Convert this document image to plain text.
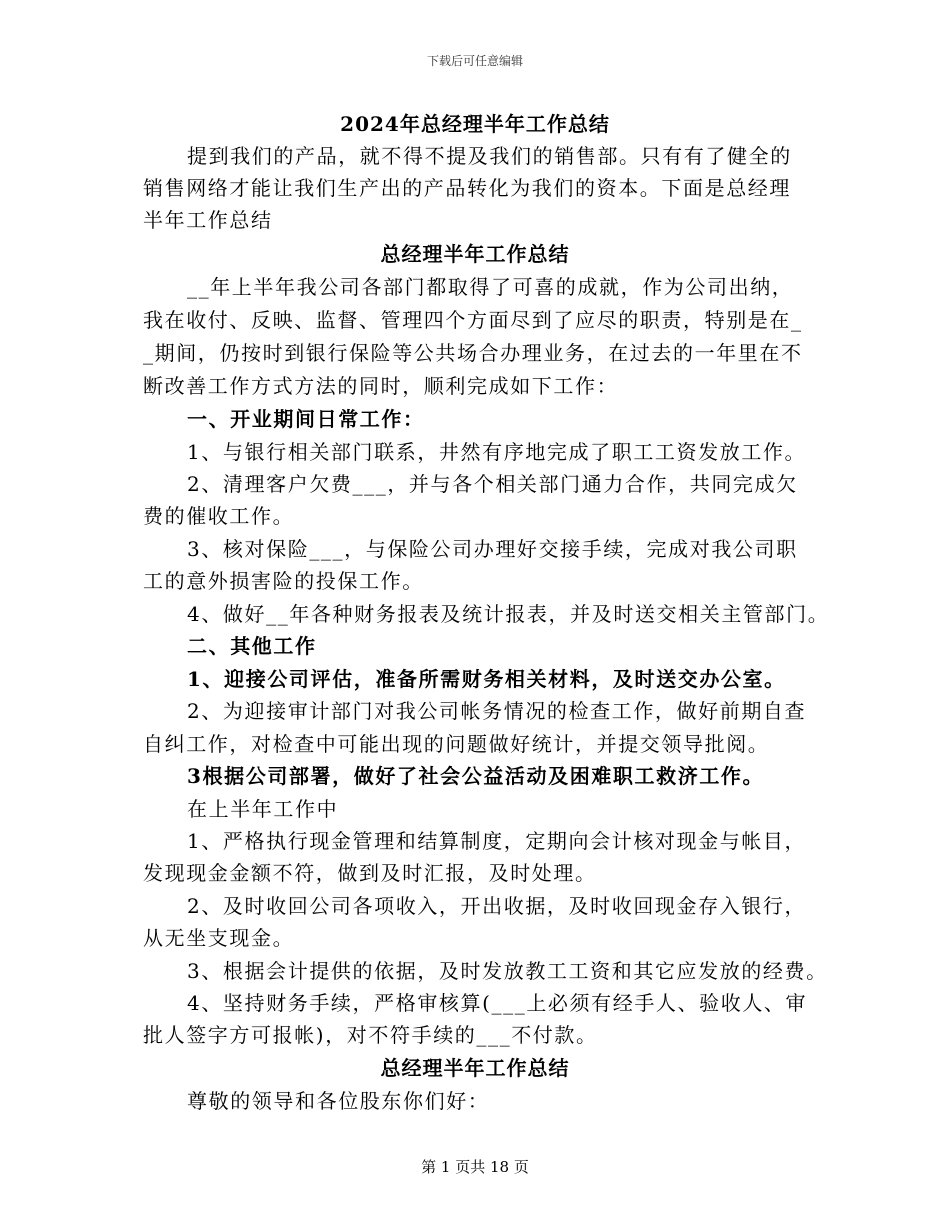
下载后可任意编辑
2024年总经理半年工作总结
提到我们的产品，就不得不提及我们的销售部。只有有了健全的
销售网络才能让我们生产出的产品转化为我们的资本。下面是总经理
半年工作总结
总经理半年工作总结
__年上半年我公司各部门都取得了可喜的成就，作为公司出纳，
我在收付、反映、监督、管理四个方面尽到了应尽的职责，特别是在_
_期间，仍按时到银行保险等公共场合办理业务，在过去的一年里在不
断改善工作方式方法的同时，顺利完成如下工作：
一、开业期间日常工作：
1、与银行相关部门联系，井然有序地完成了职工工资发放工作。
2、清理客户欠费___，并与各个相关部门通力合作，共同完成欠
费的催收工作。
3、核对保险___，与保险公司办理好交接手续，完成对我公司职
工的意外损害险的投保工作。
4、做好__年各种财务报表及统计报表，并及时送交相关主管部门。
二、其他工作
1、迎接公司评估，准备所需财务相关材料，及时送交办公室。
2、为迎接审计部门对我公司帐务情况的检查工作，做好前期自查
自纠工作，对检查中可能出现的问题做好统计，并提交领导批阅。
3根据公司部署，做好了社会公益活动及困难职工救济工作。
在上半年工作中
1、严格执行现金管理和结算制度，定期向会计核对现金与帐目，
发现现金金额不符，做到及时汇报，及时处理。
2、及时收回公司各项收入，开出收据，及时收回现金存入银行，
从无坐支现金。
3、根据会计提供的依据，及时发放教工工资和其它应发放的经费。
4、坚持财务手续，严格审核算(___上必须有经手人、验收人、审
批人签字方可报帐)，对不符手续的___不付款。
总经理半年工作总结
尊敬的领导和各位股东你们好：
第 1 页共 18 页
